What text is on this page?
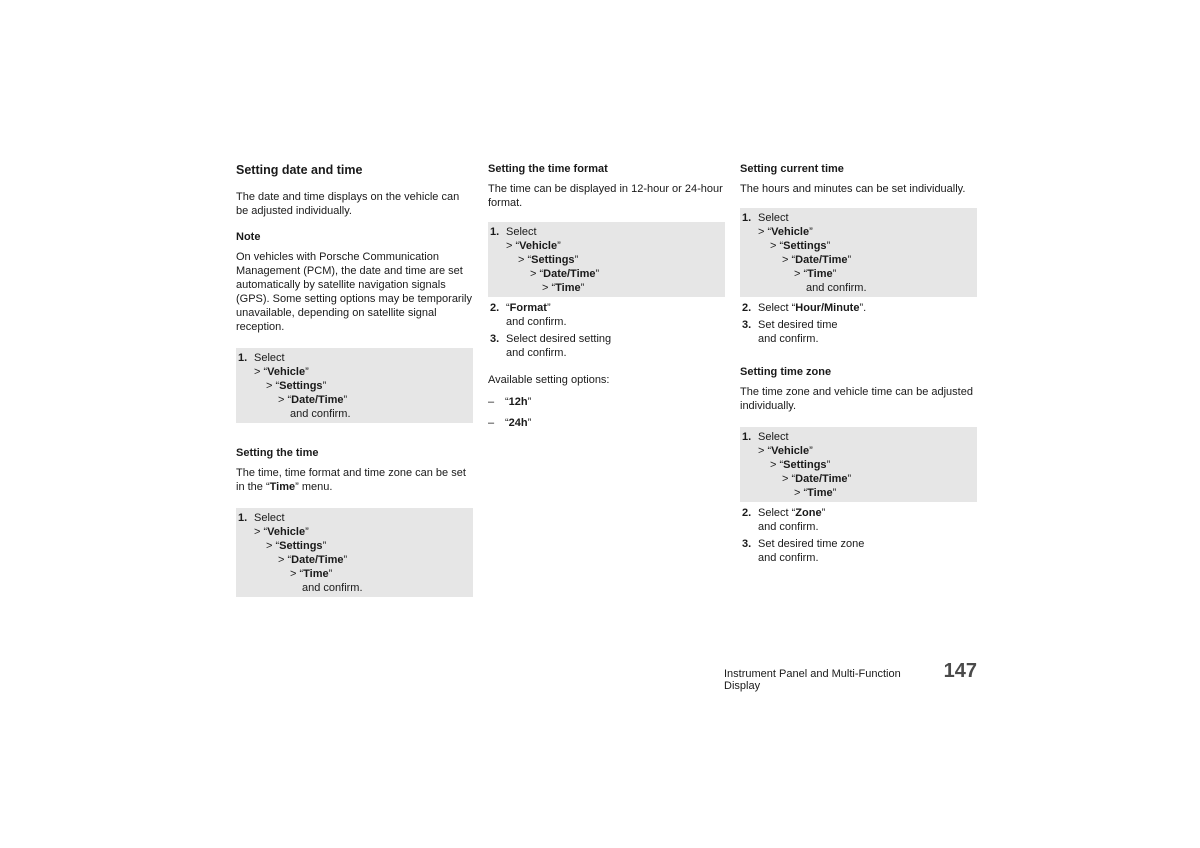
Setting date and time
The date and time displays on the vehicle can be adjusted individually.
Note
On vehicles with Porsche Communication Management (PCM), the date and time are set automatically by satellite navigation signals (GPS). Some setting options may be temporarily unavailable, depending on satellite signal reception.
1. Select
> “Vehicle”
> “Settings”
> “Date/Time”
and confirm.
Setting the time
The time, time format and time zone can be set in the “Time” menu.
1. Select
> “Vehicle”
> “Settings”
> “Date/Time”
> “Time”
and confirm.
Setting the time format
The time can be displayed in 12-hour or 24-hour format.
1. Select
> “Vehicle”
> “Settings”
> “Date/Time”
> “Time”
2. “Format”
and confirm.
3. Select desired setting
and confirm.
Available setting options:
– “12h”
– “24h”
Setting current time
The hours and minutes can be set individually.
1. Select
> “Vehicle”
> “Settings”
> “Date/Time”
> “Time”
and confirm.
2. Select “Hour/Minute”.
3. Set desired time
and confirm.
Setting time zone
The time zone and vehicle time can be adjusted individually.
1. Select
> “Vehicle”
> “Settings”
> “Date/Time”
> “Time”
2. Select “Zone”
and confirm.
3. Set desired time zone
and confirm.
Instrument Panel and Multi-Function Display
147
